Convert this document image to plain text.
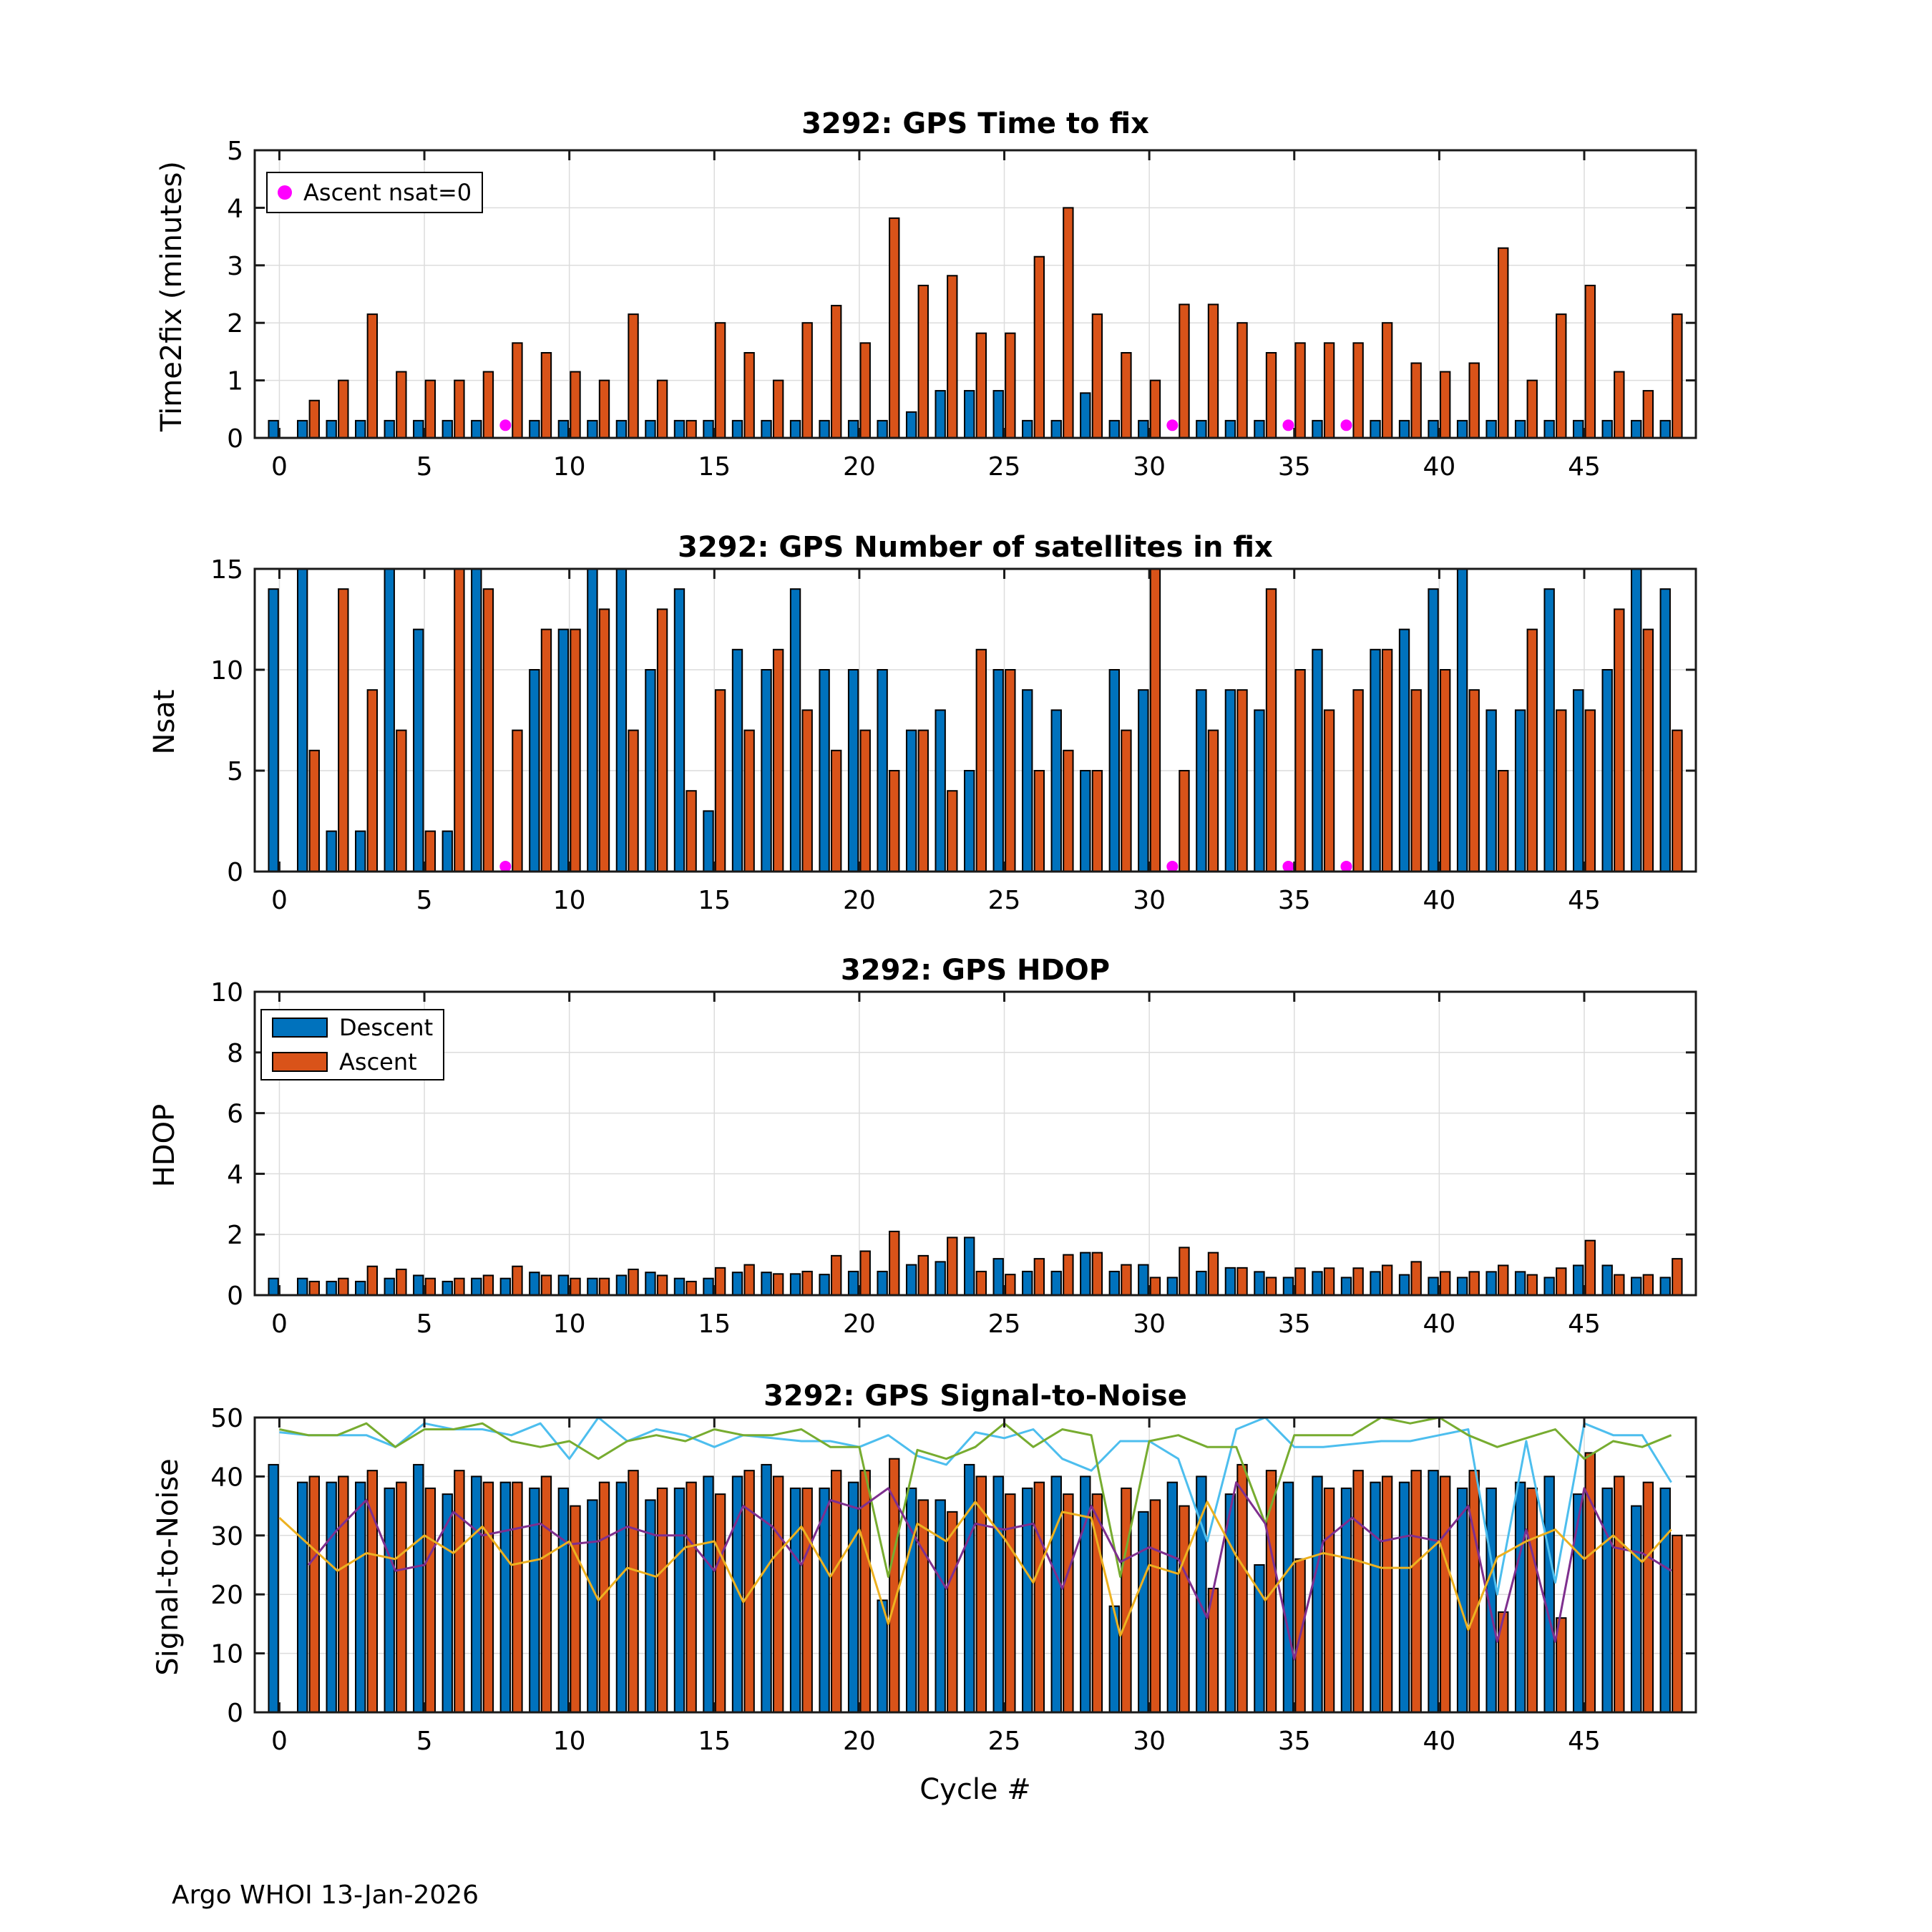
0	5	10	15	20	25	30	35	40	45
0
1
2
3
4
5
0	5	10	15	20	25	30	35	40	45
0
5
10
15
0	5	10	15	20	25	30	35	40	45
0
2
4
6
8
10
0	5	10	15	20	25	30	35	40	45
0
10
20
30
40
50
3292: GPS Time to fix
3292: GPS Number of satellites in fix
3292: GPS HDOP
3292: GPS Signal-to-Noise
Time2fix (minutes)
Nsat
HDOP
Signal-to-Noise
Cycle #
Ascent nsat=0
Descent
Ascent
Argo WHOI 13-Jan-2026
